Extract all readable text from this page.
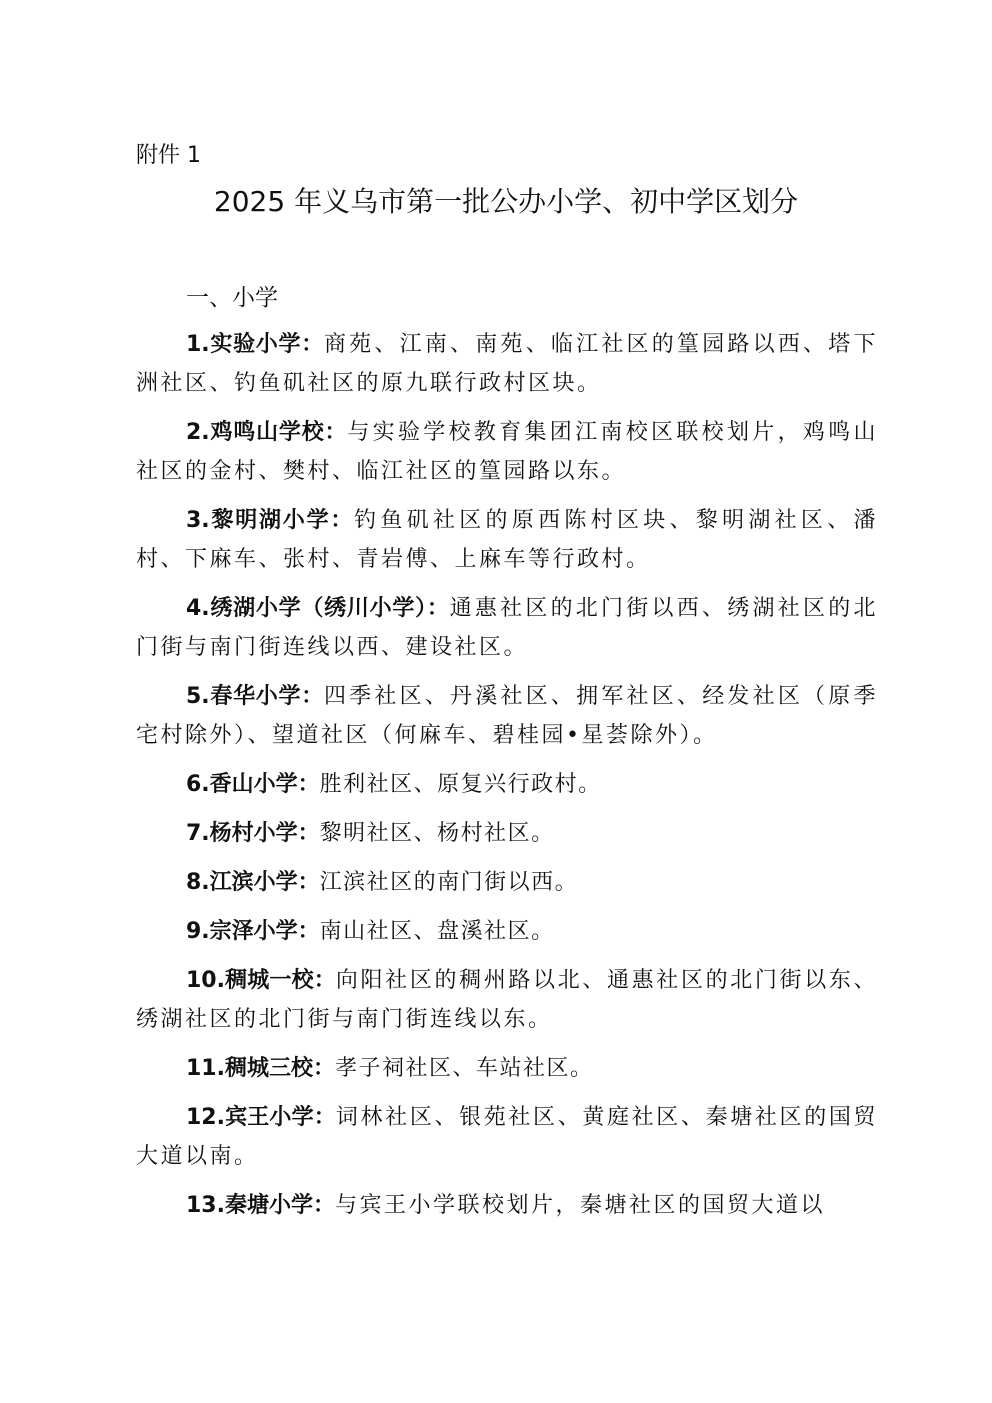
附件 1
2025 年义乌市第一批公办小学、初中学区划分
一、小学

1.实验小学：商苑、江南、南苑、临江社区的篁园路以西、塔下洲社区、钓鱼矶社区的原九联行政村区块。

2.鸡鸣山学校：与实验学校教育集团江南校区联校划片，鸡鸣山社区的金村、樊村、临江社区的篁园路以东。

3.黎明湖小学：钓鱼矶社区的原西陈村区块、黎明湖社区、潘村、下麻车、张村、青岩傅、上麻车等行政村。

4.绣湖小学（绣川小学）：通惠社区的北门街以西、绣湖社区的北门街与南门街连线以西、建设社区。

5.春华小学：四季社区、丹溪社区、拥军社区、经发社区（原季宅村除外）、望道社区（何麻车、碧桂园•星荟除外）。

6.香山小学：胜利社区、原复兴行政村。

7.杨村小学：黎明社区、杨村社区。

8.江滨小学：江滨社区的南门街以西。

9.宗泽小学：南山社区、盘溪社区。

10.稠城一校：向阳社区的稠州路以北、通惠社区的北门街以东、绣湖社区的北门街与南门街连线以东。

11.稠城三校：孝子祠社区、车站社区。

12.宾王小学：词林社区、银苑社区、黄庭社区、秦塘社区的国贸大道以南。

13.秦塘小学：与宾王小学联校划片，秦塘社区的国贸大道以
